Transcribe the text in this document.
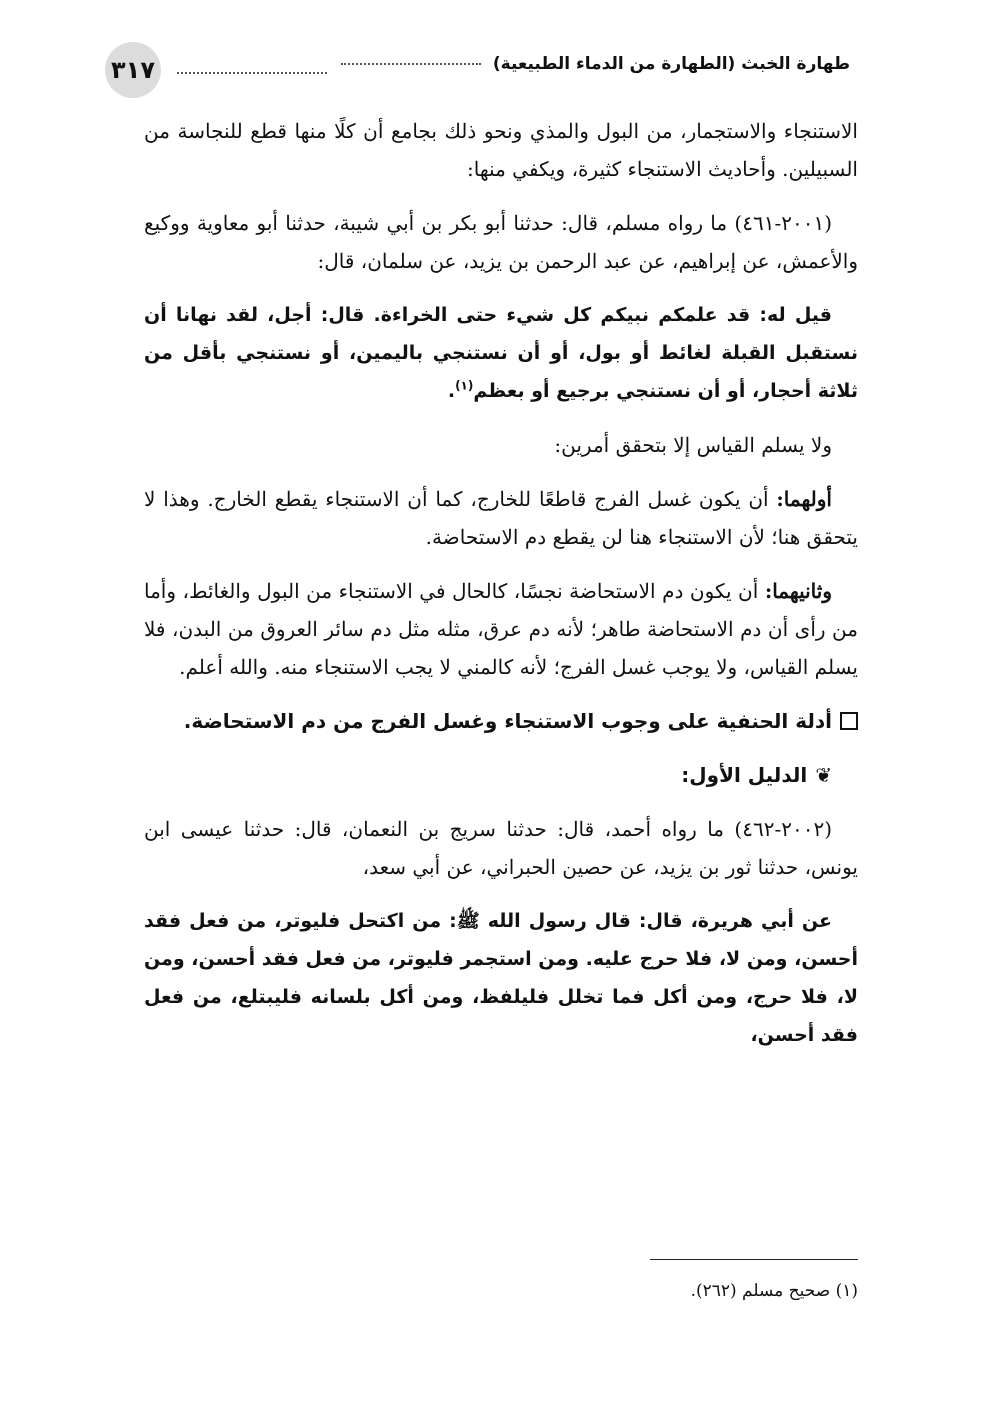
٣١٧	طهارة الخبث (الطهارة من الدماء الطبيعية)

الاستنجاء والاستجمار، من البول والمذي ونحو ذلك بجامع أن كلًا منها قطع للنجاسة من السبيلين. وأحاديث الاستنجاء كثيرة، ويكفي منها:

(٢٠٠١-٤٦١) ما رواه مسلم، قال: حدثنا أبو بكر بن أبي شيبة، حدثنا أبو معاوية ووكيع والأعمش، عن إبراهيم، عن عبد الرحمن بن يزيد، عن سلمان، قال:

قيل له: قد علمكم نبيكم كل شيء حتى الخراءة. قال: أجل، لقد نهانا أن نستقبل القبلة لغائط أو بول، أو أن نستنجي باليمين، أو نستنجي بأقل من ثلاثة أحجار، أو أن نستنجي برجيع أو بعظم$^{(١)}$.

ولا يسلم القياس إلا بتحقق أمرين:

أولهما: أن يكون غسل الفرج قاطعًا للخارج، كما أن الاستنجاء يقطع الخارج. وهذا لا يتحقق هنا؛ لأن الاستنجاء هنا لن يقطع دم الاستحاضة.

وثانيهما: أن يكون دم الاستحاضة نجسًا، كالحال في الاستنجاء من البول والغائط، وأما من رأى أن دم الاستحاضة طاهر؛ لأنه دم عرق، مثله مثل دم سائر العروق من البدن، فلا يسلم القياس، ولا يوجب غسل الفرج؛ لأنه كالمني لا يجب الاستنجاء منه. والله أعلم.

أدلة الحنفية على وجوب الاستنجاء وغسل الفرج من دم الاستحاضة.
❦
الدليل الأول:

(٢٠٠٢-٤٦٢) ما رواه أحمد، قال: حدثنا سريج بن النعمان، قال: حدثنا عيسى ابن يونس، حدثنا ثور بن يزيد، عن حصين الحبراني، عن أبي سعد،

عن أبي هريرة، قال: قال رسول الله ﷺ: من اكتحل فليوتر، من فعل فقد أحسن، ومن لا، فلا حرج عليه. ومن استجمر فليوتر، من فعل فقد أحسن، ومن لا، فلا حرج، ومن أكل فما تخلل فليلفظ، ومن أكل بلسانه فليبتلع، من فعل فقد أحسن،

(١) صحيح مسلم (٢٦٢).
